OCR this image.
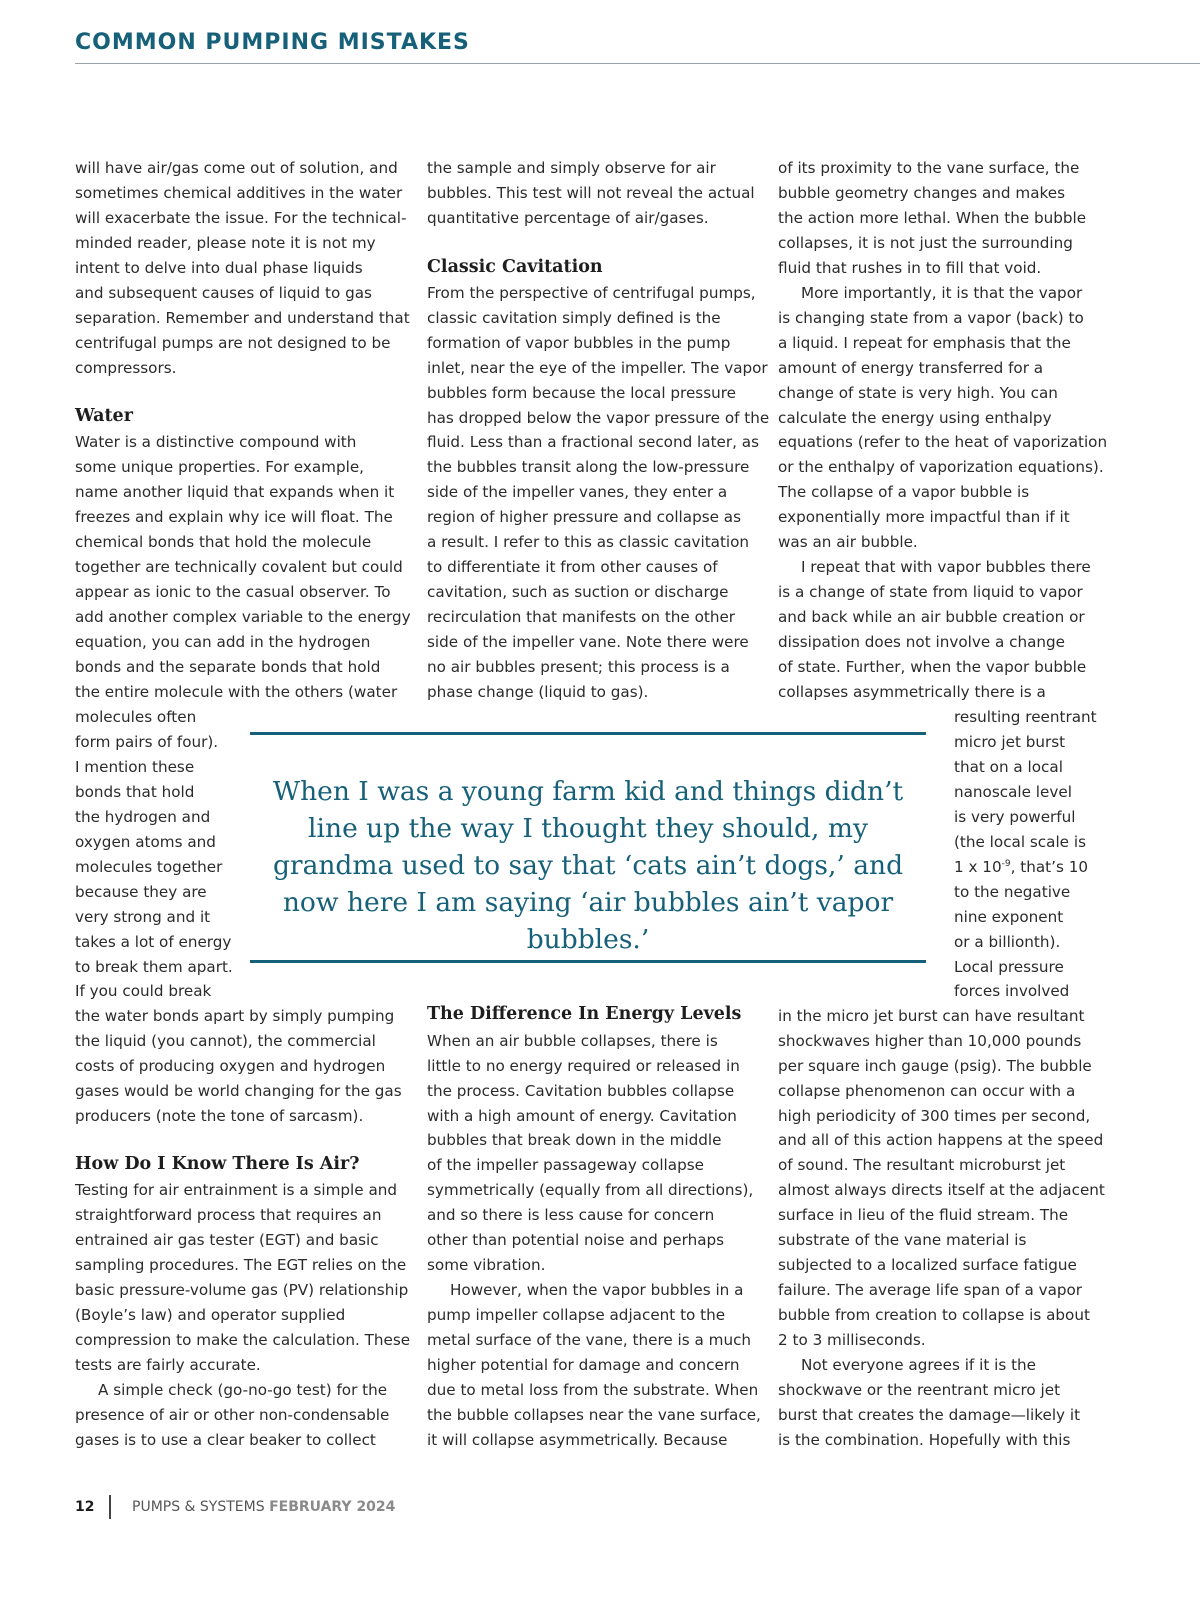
COMMON PUMPING MISTAKES

will have air/gas come out of solution, and

sometimes chemical additives in the water

will exacerbate the issue. For the technical-

minded reader, please note it is not my

intent to delve into dual phase liquids

and subsequent causes of liquid to gas

separation. Remember and understand that

centrifugal pumps are not designed to be

compressors.

Water

Water is a distinctive compound with

some unique properties. For example,

name another liquid that expands when it

freezes and explain why ice will float. The

chemical bonds that hold the molecule

together are technically covalent but could

appear as ionic to the casual observer. To

add another complex variable to the energy

equation, you can add in the hydrogen

bonds and the separate bonds that hold

the entire molecule with the others (water

molecules often

form pairs of four).

I mention these

bonds that hold

the hydrogen and

oxygen atoms and

molecules together

because they are

very strong and it

takes a lot of energy

to break them apart.

If you could break

the water bonds apart by simply pumping

the liquid (you cannot), the commercial

costs of producing oxygen and hydrogen

gases would be world changing for the gas

producers (note the tone of sarcasm).

How Do I Know There Is Air?

Testing for air entrainment is a simple and

straightforward process that requires an

entrained air gas tester (EGT) and basic

sampling procedures. The EGT relies on the

basic pressure-volume gas (PV) relationship

(Boyle’s law) and operator supplied

compression to make the calculation. These

tests are fairly accurate.

A simple check (go-no-go test) for the

presence of air or other non-condensable

gases is to use a clear beaker to collect

the sample and simply observe for air

bubbles. This test will not reveal the actual

quantitative percentage of air/gases.

Classic Cavitation

From the perspective of centrifugal pumps,

classic cavitation simply defined is the

formation of vapor bubbles in the pump

inlet, near the eye of the impeller. The vapor

bubbles form because the local pressure

has dropped below the vapor pressure of the

fluid. Less than a fractional second later, as

the bubbles transit along the low-pressure

side of the impeller vanes, they enter a

region of higher pressure and collapse as

a result. I refer to this as classic cavitation

to differentiate it from other causes of

cavitation, such as suction or discharge

recirculation that manifests on the other

side of the impeller vane. Note there were

no air bubbles present; this process is a

phase change (liquid to gas).

The Difference In Energy Levels

When an air bubble collapses, there is

little to no energy required or released in

the process. Cavitation bubbles collapse

with a high amount of energy. Cavitation

bubbles that break down in the middle

of the impeller passageway collapse

symmetrically (equally from all directions),

and so there is less cause for concern

other than potential noise and perhaps

some vibration.

However, when the vapor bubbles in a

pump impeller collapse adjacent to the

metal surface of the vane, there is a much

higher potential for damage and concern

due to metal loss from the substrate. When

the bubble collapses near the vane surface,

it will collapse asymmetrically. Because

of its proximity to the vane surface, the

bubble geometry changes and makes

the action more lethal. When the bubble

collapses, it is not just the surrounding

fluid that rushes in to fill that void.

More importantly, it is that the vapor

is changing state from a vapor (back) to

a liquid. I repeat for emphasis that the

amount of energy transferred for a

change of state is very high. You can

calculate the energy using enthalpy

equations (refer to the heat of vaporization

or the enthalpy of vaporization equations).

The collapse of a vapor bubble is

exponentially more impactful than if it

was an air bubble.

I repeat that with vapor bubbles there

is a change of state from liquid to vapor

and back while an air bubble creation or

dissipation does not involve a change

of state. Further, when the vapor bubble

collapses asymmetrically there is a

resulting reentrant

micro jet burst

that on a local

nanoscale level

is very powerful

(the local scale is

1 x $10^{-9}$, that’s 10

to the negative

nine exponent

or a billionth).

Local pressure

forces involved

in the micro jet burst can have resultant

shockwaves higher than 10,000 pounds

per square inch gauge (psig). The bubble

collapse phenomenon can occur with a

high periodicity of 300 times per second,

and all of this action happens at the speed

of sound. The resultant microburst jet

almost always directs itself at the adjacent

surface in lieu of the fluid stream. The

substrate of the vane material is

subjected to a localized surface fatigue

failure. The average life span of a vapor

bubble from creation to collapse is about

2 to 3 milliseconds.

Not everyone agrees if it is the

shockwave or the reentrant micro jet

burst that creates the damage—likely it

is the combination. Hopefully with this

When I was a young farm kid and things didn’t line up the way I thought they should, my grandma used to say that ‘cats ain’t dogs,’ and now here I am saying ‘air bubbles ain’t vapor bubbles.’

12	PUMPS & SYSTEMS FEBRUARY 2024
